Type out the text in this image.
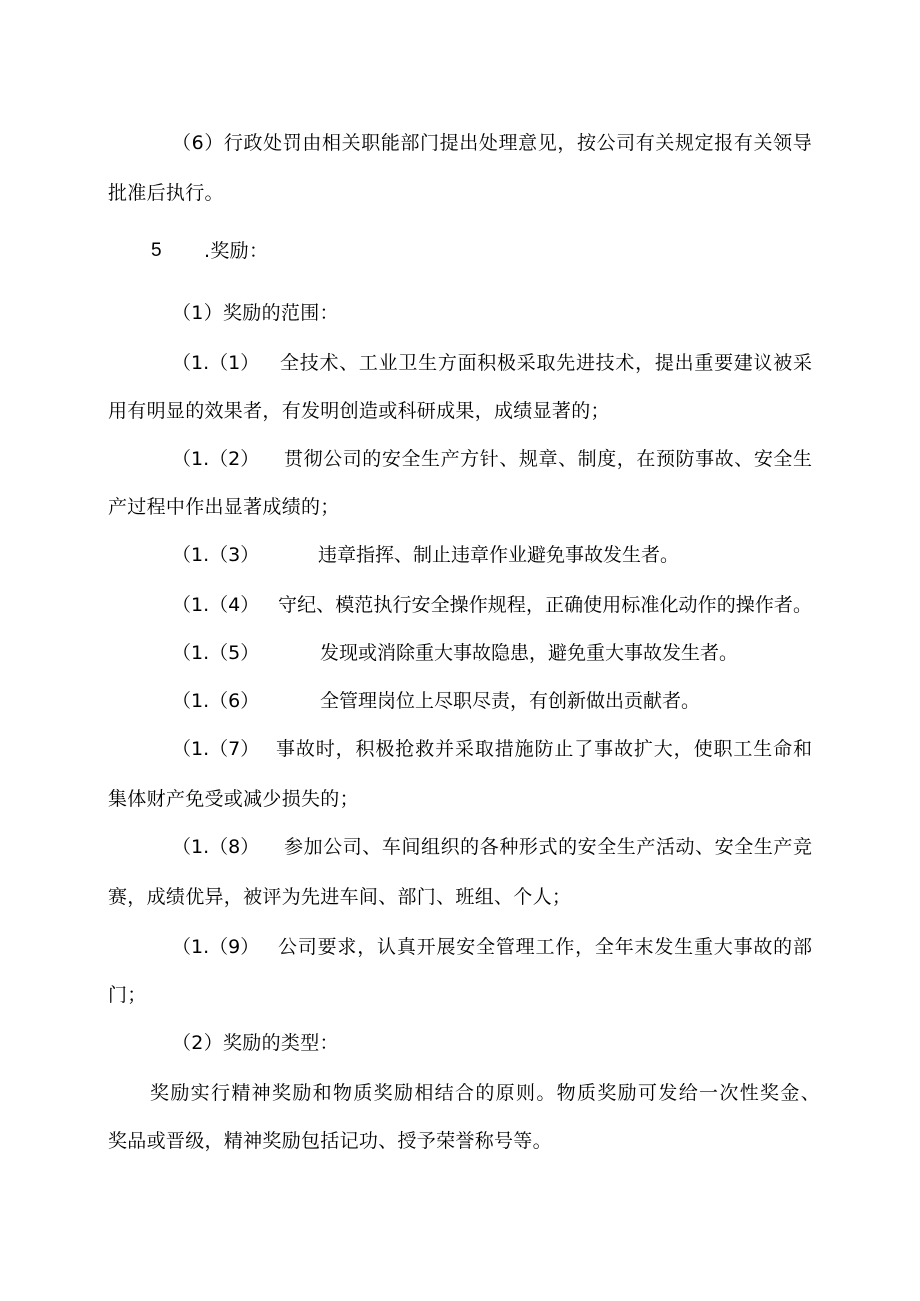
（6）行政处罚由相关职能部门提出处理意见，按公司有关规定报有关领导
批准后执行。
5 .奖励：
（1）奖励的范围：
（1.（1） 全技术、工业卫生方面积极采取先进技术，提出重要建议被采
用有明显的效果者，有发明创造或科研成果，成绩显著的；
（1.（2） 贯彻公司的安全生产方针、规章、制度，在预防事故、安全生
产过程中作出显著成绩的；
（1.（3）	违章指挥、制止违章作业避免事故发生者。
（1.（4） 守纪、模范执行安全操作规程，正确使用标准化动作的操作者。
（1.（5）	发现或消除重大事故隐患，避免重大事故发生者。
（1.（6）	全管理岗位上尽职尽责，有创新做出贡献者。
（1.（7） 事故时，积极抢救并采取措施防止了事故扩大，使职工生命和
集体财产免受或减少损失的；
（1.（8） 参加公司、车间组织的各种形式的安全生产活动、安全生产竞
赛，成绩优异，被评为先进车间、部门、班组、个人；
（1.（9） 公司要求，认真开展安全管理工作，全年末发生重大事故的部
门；
（2）奖励的类型：
奖励实行精神奖励和物质奖励相结合的原则。物质奖励可发给一次性奖金、
奖品或晋级，精神奖励包括记功、授予荣誉称号等。
